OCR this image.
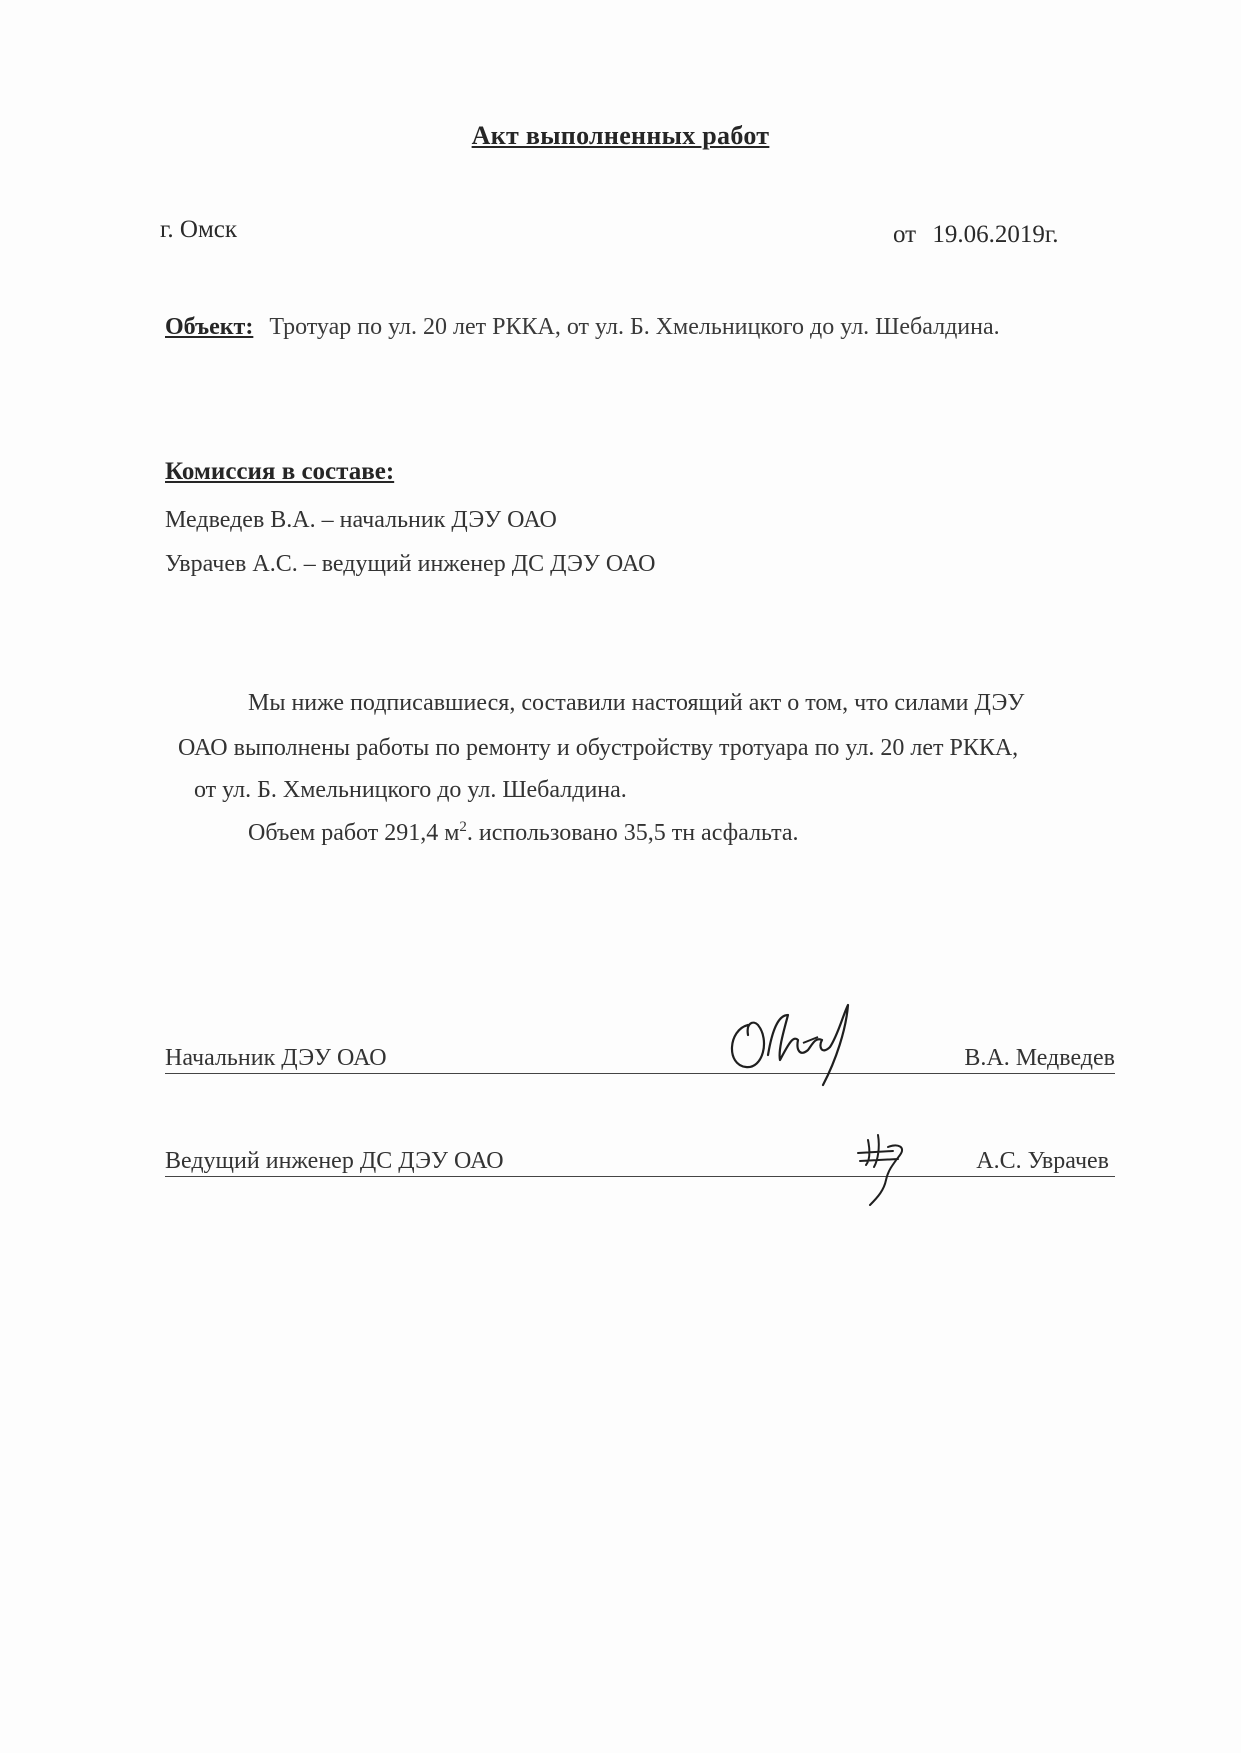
Акт выполненных работ
г. Омск	от 19.06.2019г.
Объект: Тротуар по ул. 20 лет РККА, от ул. Б. Хмельницкого до ул. Шебалдина.
Комиссия в составе:
Медведев В.А. – начальник ДЭУ ОАО
Уврачев А.С. – ведущий инженер ДС ДЭУ ОАО
Мы ниже подписавшиеся, составили настоящий акт о том, что силами ДЭУ
ОАО выполнены работы по ремонту и обустройству тротуара по ул. 20 лет РККА,
от ул. Б. Хмельницкого до ул. Шебалдина.
Объем работ 291,4 $м^2$. использовано 35,5 тн асфальта.
Начальник ДЭУ ОАО	В.А. Медведев
Ведущий инженер ДС ДЭУ ОАО	А.С. Уврачев
